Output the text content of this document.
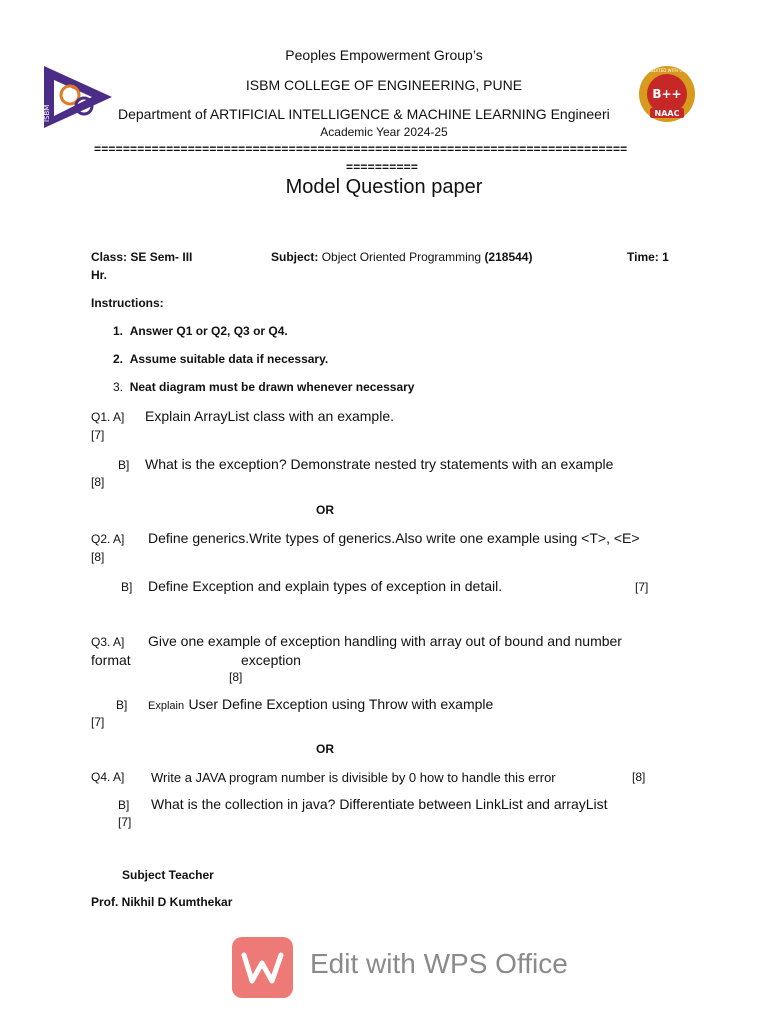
ISBM
ACCREDITED WITH GRADE
B++
NAAC
Peoples Empowerment Group’s
ISBM COLLEGE OF ENGINEERING, PUNE
Department of ARTIFICIAL INTELLIGENCE & MACHINE LEARNING Engineeri
Academic Year 2024-25
==========================================================================
==========
Model Question paper
Class: SE Sem- III	Subject: Object Oriented Programming (218544)	Time: 1
Hr.
Instructions:
1. Answer Q1 or Q2, Q3 or Q4.
2. Assume suitable data if necessary.
3. Neat diagram must be drawn whenever necessary
Q1. A] Explain ArrayList class with an example.
[7]
B] What is the exception? Demonstrate nested try statements with an example
[8]
OR
Q2. A] Define generics.Write types of generics.Also write one example using <T>, <E>
[8]
B] Define Exception and explain types of exception in detail.	[7]
Q3. A] Give one example of exception handling with array out of bound and number
format	exception
[8]
B] Explain User Define Exception using Throw with example
[7]
OR
Q4. A] Write a JAVA program number is divisible by 0 how to handle this error	[8]
B] What is the collection in java? Differentiate between LinkList and arrayList
[7]
Subject Teacher
Prof. Nikhil D Kumthekar
Edit with WPS Office
